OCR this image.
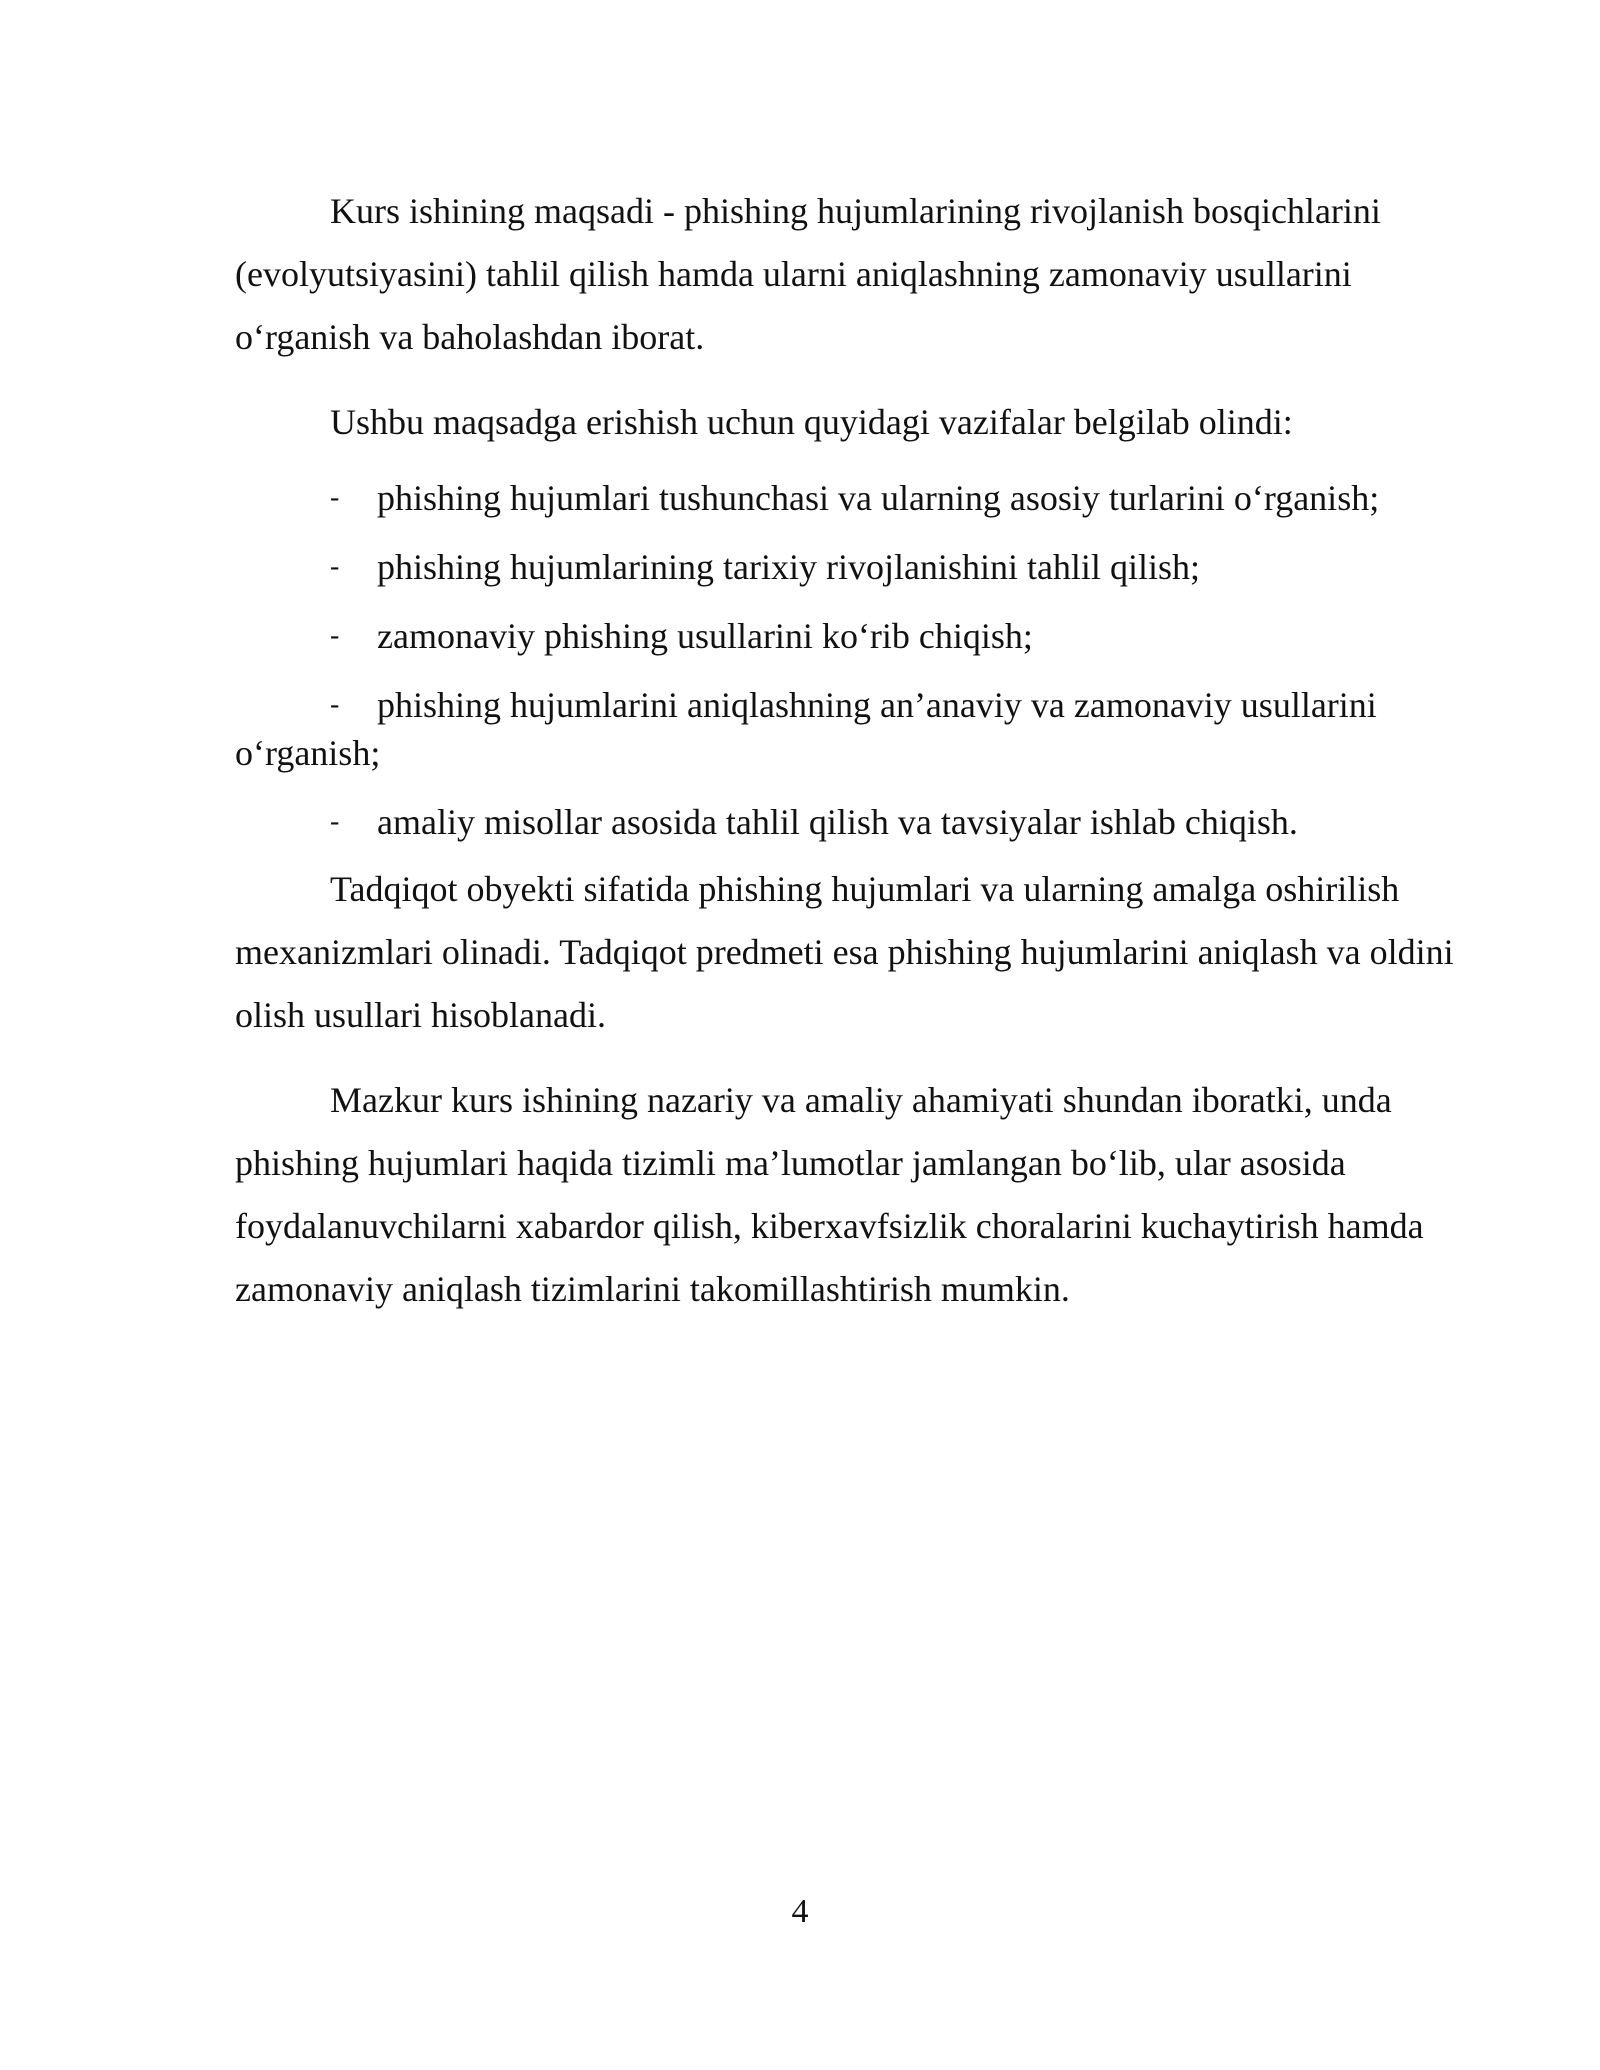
Kurs ishining maqsadi - phishing hujumlarining rivojlanish bosqichlarini (evolyutsiyasini) tahlil qilish hamda ularni aniqlashning zamonaviy usullarini o‘rganish va baholashdan iborat.

Ushbu maqsadga erishish uchun quyidagi vazifalar belgilab olindi:

-	phishing hujumlari tushunchasi va ularning asosiy turlarini o‘rganish;
-	phishing hujumlarining tarixiy rivojlanishini tahlil qilish;
-	zamonaviy phishing usullarini ko‘rib chiqish;
-	phishing hujumlarini aniqlashning an’anaviy va zamonaviy usullarini o‘rganish;
-	amaliy misollar asosida tahlil qilish va tavsiyalar ishlab chiqish.

Tadqiqot obyekti sifatida phishing hujumlari va ularning amalga oshirilish mexanizmlari olinadi. Tadqiqot predmeti esa phishing hujumlarini aniqlash va oldini olish usullari hisoblanadi.

Mazkur kurs ishining nazariy va amaliy ahamiyati shundan iboratki, unda phishing hujumlari haqida tizimli ma’lumotlar jamlangan bo‘lib, ular asosida foydalanuvchilarni xabardor qilish, kiberxavfsizlik choralarini kuchaytirish hamda zamonaviy aniqlash tizimlarini takomillashtirish mumkin.

4
